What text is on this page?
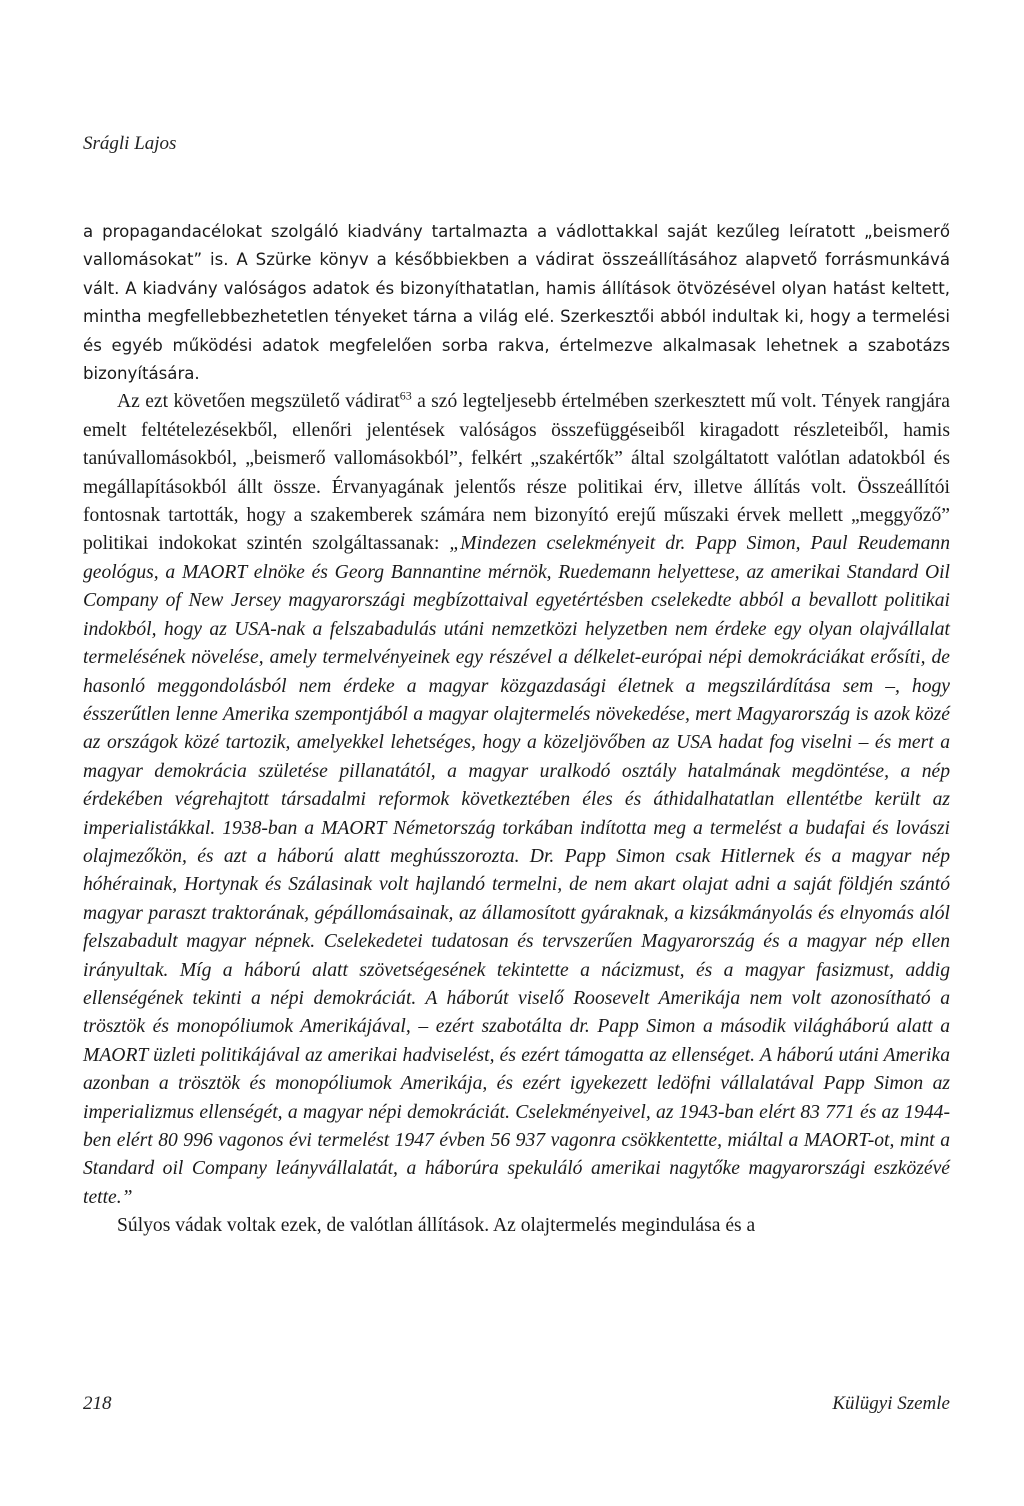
Srágli Lajos

a propagandacélokat szolgáló kiadvány tartalmazta a vádlottakkal saját kezűleg leíratott „beismerő vallomásokat” is. A Szürke könyv a későbbiekben a vádirat összeállításához alapvető forrásmunkává vált. A kiadvány valóságos adatok és bizonyíthatatlan, hamis állítások ötvözésével olyan hatást keltett, mintha megfellebbezhetetlen tényeket tárna a világ elé. Szerkesztői abból indultak ki, hogy a termelési és egyéb működési adatok megfelelően sorba rakva, értelmezve alkalmasak lehetnek a szabotázs bizonyítására.

Az ezt követően megszülető vádirat$^{63}$ a szó legteljesebb értelmében szerkesztett mű volt. Tények rangjára emelt feltételezésekből, ellenőri jelentések valóságos összefüggéseiből kiragadott részleteiből, hamis tanúvallomásokból, „beismerő vallomásokból”, felkért „szakértők” által szolgáltatott valótlan adatokból és megállapításokból állt össze. Érvanyagának jelentős része politikai érv, illetve állítás volt. Összeállítói fontosnak tartották, hogy a szakemberek számára nem bizonyító erejű műszaki érvek mellett „meggyőző” politikai indokokat szintén szolgáltassanak: „Mindezen cselekményeit dr. Papp Simon, Paul Reudemann geológus, a MAORT elnöke és Georg Bannantine mérnök, Ruedemann helyettese, az amerikai Standard Oil Company of New Jersey magyarországi megbízottaival egyetértésben cselekedte abból a bevallott politikai indokból, hogy az USA-nak a felszabadulás utáni nemzetközi helyzetben nem érdeke egy olyan olajvállalat termelésének növelése, amely termelvényeinek egy részével a délkelet-európai népi demokráciákat erősíti, de hasonló meggondolásból nem érdeke a magyar közgazdasági életnek a megszilárdítása sem –, hogy ésszerűtlen lenne Amerika szempontjából a magyar olajtermelés növekedése, mert Magyarország is azok közé az országok közé tartozik, amelyekkel lehetséges, hogy a közeljövőben az USA hadat fog viselni – és mert a magyar demokrácia születése pillanatától, a magyar uralkodó osztály hatalmának megdöntése, a nép érdekében végrehajtott társadalmi reformok következtében éles és áthidalhatatlan ellentétbe került az imperialistákkal. 1938-ban a MAORT Németország torkában indította meg a termelést a budafai és lovászi olajmezőkön, és azt a háború alatt meghússzorozta. Dr. Papp Simon csak Hitlernek és a magyar nép hóhérainak, Hortynak és Szálasinak volt hajlandó termelni, de nem akart olajat adni a saját földjén szántó magyar paraszt traktorának, gépállomásainak, az államosított gyáraknak, a kizsákmányolás és elnyomás alól felszabadult magyar népnek. Cselekedetei tudatosan és tervszerűen Magyarország és a magyar nép ellen irányultak. Míg a háború alatt szövetségesének tekintette a nácizmust, és a magyar fasizmust, addig ellenségének tekinti a népi demokráciát. A háborút viselő Roosevelt Amerikája nem volt azonosítható a trösztök és monopóliumok Amerikájával, – ezért szabotálta dr. Papp Simon a második világháború alatt a MAORT üzleti politikájával az amerikai hadviselést, és ezért támogatta az ellenséget. A háború utáni Amerika azonban a trösztök és monopóliumok Amerikája, és ezért igyekezett ledöfni vállalatával Papp Simon az imperializmus ellenségét, a magyar népi demokráciát. Cselekményeivel, az 1943-ban elért 83 771 és az 1944-ben elért 80 996 vagonos évi termelést 1947 évben 56 937 vagonra csökkentette, miáltal a MAORT-ot, mint a Standard oil Company leányvállalatát, a háborúra spekuláló amerikai nagytőke magyarországi eszközévé tette.”

Súlyos vádak voltak ezek, de valótlan állítások. Az olajtermelés megindulása és a

218	Külügyi Szemle
